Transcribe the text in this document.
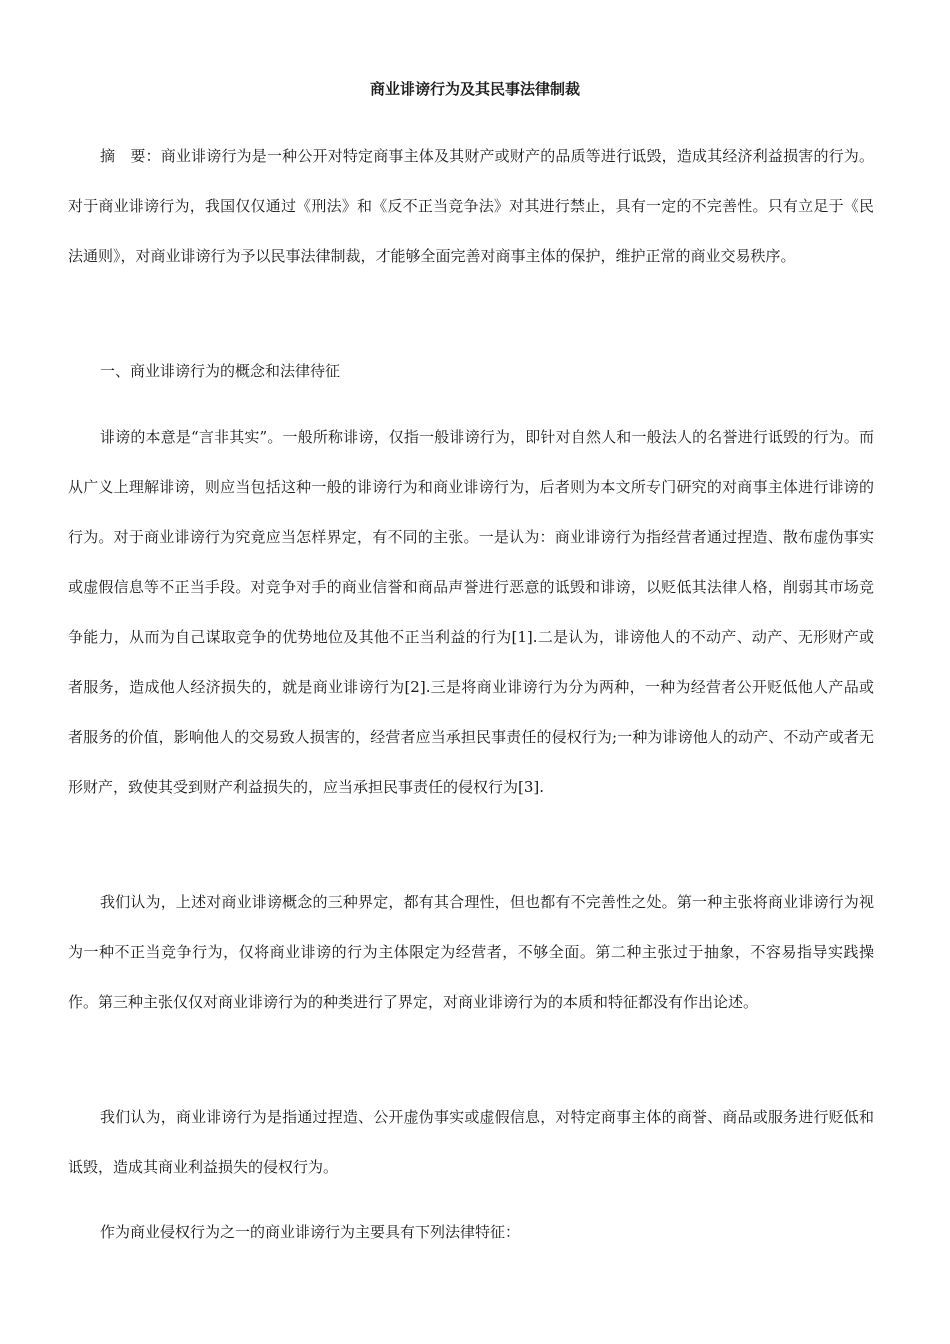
商业诽谤行为及其民事法律制裁

摘　要：商业诽谤行为是一种公开对特定商事主体及其财产或财产的品质等进行诋毁，造成其经济利益损害的行为。对于商业诽谤行为，我国仅仅通过《刑法》和《反不正当竞争法》对其进行禁止，具有一定的不完善性。只有立足于《民法通则》，对商业诽谤行为予以民事法律制裁，才能够全面完善对商事主体的保护，维护正常的商业交易秩序。

一、商业诽谤行为的概念和法律待征

诽谤的本意是“言非其实”。一般所称诽谤，仅指一般诽谤行为，即针对自然人和一般法人的名誉进行诋毁的行为。而从广义上理解诽谤，则应当包括这种一般的诽谤行为和商业诽谤行为，后者则为本文所专门研究的对商事主体进行诽谤的行为。对于商业诽谤行为究竟应当怎样界定，有不同的主张。一是认为：商业诽谤行为指经营者通过捏造、散布虚伪事实或虚假信息等不正当手段。对竞争对手的商业信誉和商品声誉进行恶意的诋毁和诽谤，以贬低其法律人格，削弱其市场竞争能力，从而为自己谋取竞争的优势地位及其他不正当利益的行为[1].二是认为，诽谤他人的不动产、动产、无形财产或者服务，造成他人经济损失的，就是商业诽谤行为[2].三是将商业诽谤行为分为两种，一种为经营者公开贬低他人产品或者服务的价值，影响他人的交易致人损害的，经营者应当承担民事责任的侵权行为;一种为诽谤他人的动产、不动产或者无形财产，致使其受到财产利益损失的，应当承担民事责任的侵权行为[3].

我们认为，上述对商业诽谤概念的三种界定，都有其合理性，但也都有不完善性之处。第一种主张将商业诽谤行为视为一种不正当竞争行为，仅将商业诽谤的行为主体限定为经营者，不够全面。第二种主张过于抽象，不容易指导实践操作。第三种主张仅仅对商业诽谤行为的种类进行了界定，对商业诽谤行为的本质和特征都没有作出论述。

我们认为，商业诽谤行为是指通过捏造、公开虚伪事实或虚假信息，对特定商事主体的商誉、商品或服务进行贬低和诋毁，造成其商业利益损失的侵权行为。

作为商业侵权行为之一的商业诽谤行为主要具有下列法律特征：
